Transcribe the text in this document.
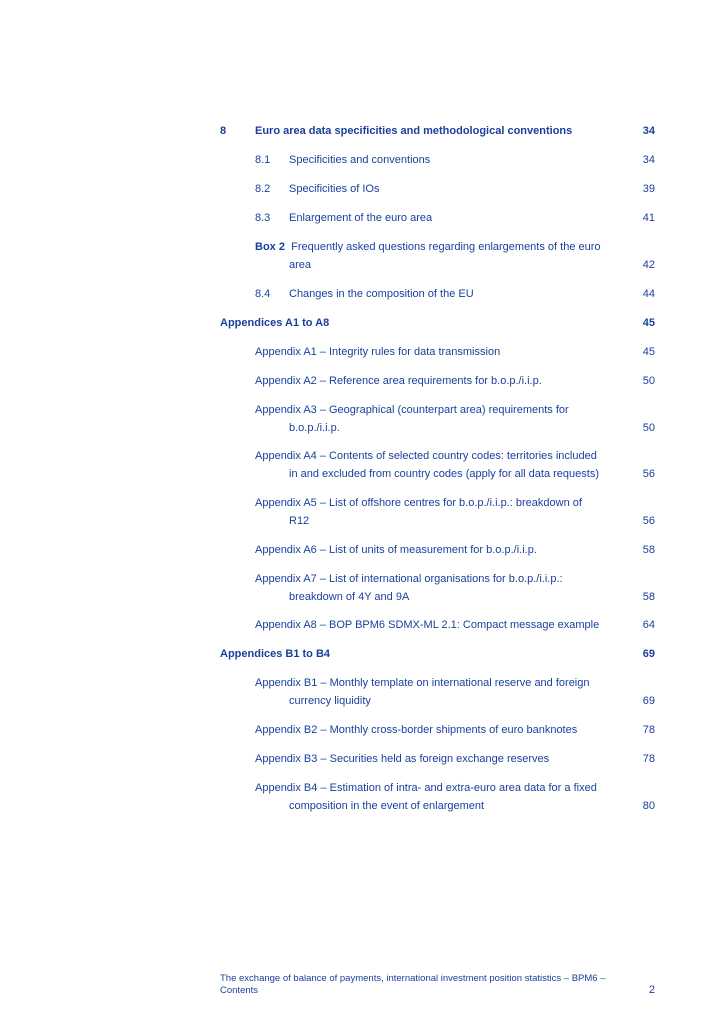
8	Euro area data specificities and methodological conventions	34
8.1 Specificities and conventions	34
8.2 Specificities of IOs	39
8.3 Enlargement of the euro area	41
Box 2 Frequently asked questions regarding enlargements of the euro
area	42
8.4 Changes in the composition of the EU	44
Appendices A1 to A8	45
Appendix A1 – Integrity rules for data transmission	45
Appendix A2 – Reference area requirements for b.o.p./i.i.p.	50
Appendix A3 – Geographical (counterpart area) requirements for
b.o.p./i.i.p.	50
Appendix A4 – Contents of selected country codes: territories included
in and excluded from country codes (apply for all data requests)	56
Appendix A5 – List of offshore centres for b.o.p./i.i.p.: breakdown of
R12	56
Appendix A6 – List of units of measurement for b.o.p./i.i.p.	58
Appendix A7 – List of international organisations for b.o.p./i.i.p.:
breakdown of 4Y and 9A	58
Appendix A8 – BOP BPM6 SDMX-ML 2.1: Compact message example	64
Appendices B1 to B4	69
Appendix B1 – Monthly template on international reserve and foreign
currency liquidity	69
Appendix B2 – Monthly cross-border shipments of euro banknotes	78
Appendix B3 – Securities held as foreign exchange reserves	78
Appendix B4 – Estimation of intra- and extra-euro area data for a fixed
composition in the event of enlargement	80
The exchange of balance of payments, international investment position statistics – BPM6 –
Contents	2
